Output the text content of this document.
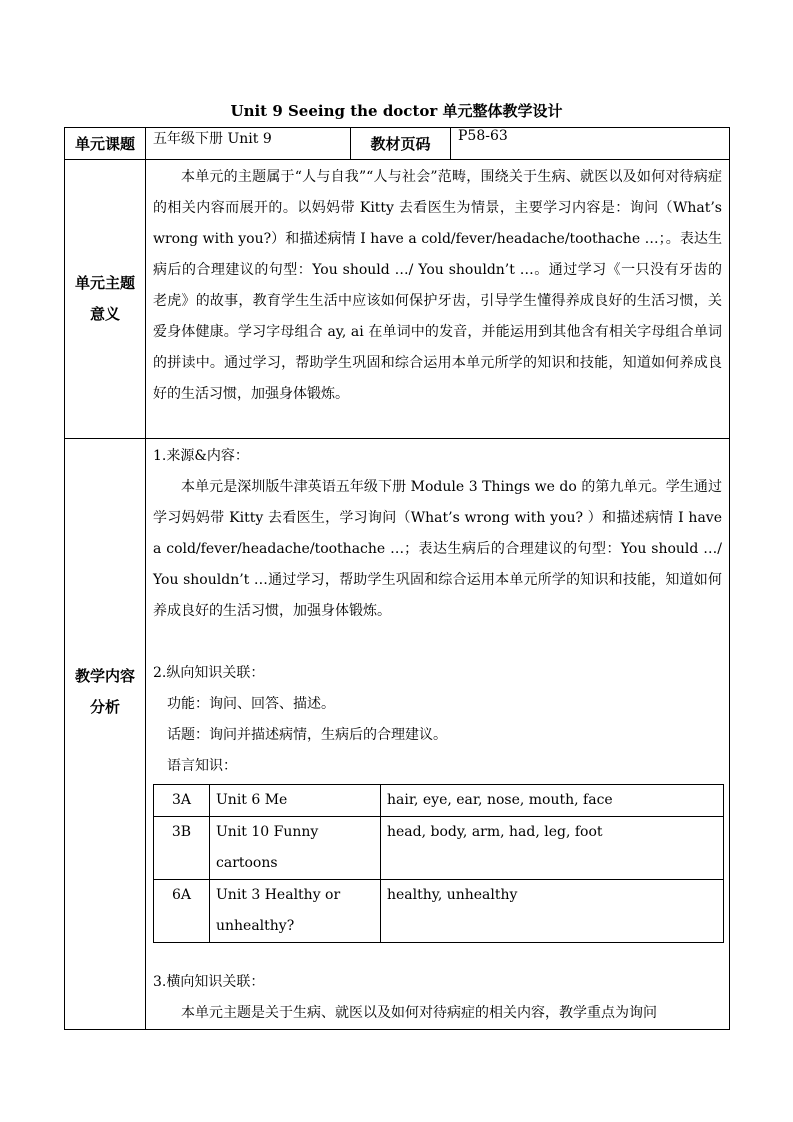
Unit 9 Seeing the doctor 单元整体教学设计
单元课题	五年级下册 Unit 9	教材页码	P58-63

单元主题
意义

本单元的主题属于“人与自我”“人与社会”范畴，围绕关于生病、就医以及如何对待病症的相关内容而展开的。以妈妈带 Kitty 去看医生为情景，主要学习内容是：询问（What’s wrong with you?）和描述病情 I have a cold/fever/headache/toothache …；。表达生病后的合理建议的句型：You should …/ You shouldn’t …。通过学习《一只没有牙齿的老虎》的故事，教育学生生活中应该如何保护牙齿，引导学生懂得养成良好的生活习惯，关爱身体健康。学习字母组合 ay, ai 在单词中的发音，并能运用到其他含有相关字母组合单词的拼读中。通过学习，帮助学生巩固和综合运用本单元所学的知识和技能，知道如何养成良好的生活习惯，加强身体锻炼。

教学内容
分析

1.来源&内容：

本单元是深圳版牛津英语五年级下册 Module 3 Things we do 的第九单元。学生通过学习妈妈带 Kitty 去看医生，学习询问（What’s wrong with you? ）和描述病情 I have a cold/fever/headache/toothache …；表达生病后的合理建议的句型：You should …/ You shouldn’t …通过学习，帮助学生巩固和综合运用本单元所学的知识和技能，知道如何养成良好的生活习惯，加强身体锻炼。

2.纵向知识关联：

功能：询问、回答、描述。

话题：询问并描述病情，生病后的合理建议。

语言知识：

3A	Unit 6 Me	hair, eye, ear, nose, mouth, face
3B	Unit 10 Funny cartoons	head, body, arm, had, leg, foot
6A	Unit 3 Healthy or unhealthy?	healthy, unhealthy

3.横向知识关联：

本单元主题是关于生病、就医以及如何对待病症的相关内容，教学重点为询问
